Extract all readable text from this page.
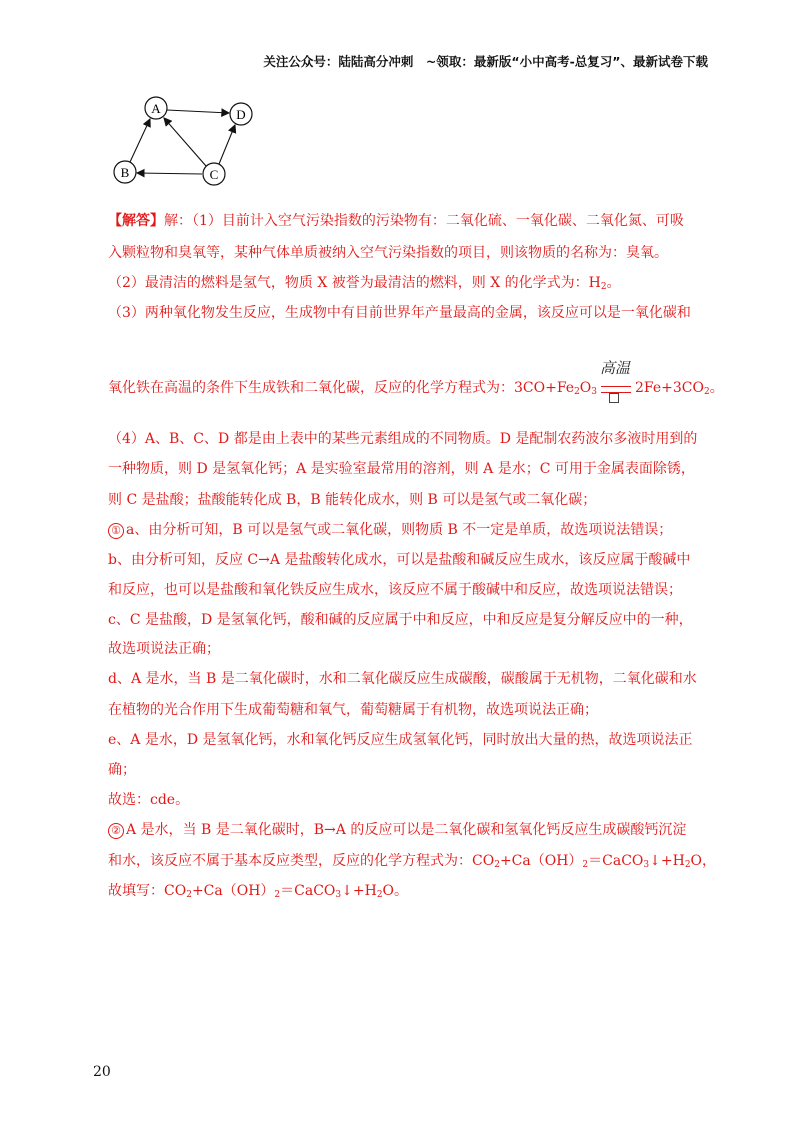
关注公众号：陆陆高分冲刺　~领取：最新版“小中高考-总复习”、最新试卷下载
A	D
B	C
【解答】解：（1）目前计入空气污染指数的污染物有：二氧化硫、一氧化碳、二氧化氮、可吸
入颗粒物和臭氧等，某种气体单质被纳入空气污染指数的项目，则该物质的名称为：臭氧。
（2）最清洁的燃料是氢气，物质 X 被誉为最清洁的燃料，则 X 的化学式为：$H_2$。
（3）两种氧化物发生反应，生成物中有目前世界年产量最高的金属，该反应可以是一氧化碳和
氧化铁在高温的条件下生成铁和二氧化碳，反应的化学方程式为：$3CO+Fe_2O_3$
高温
$2Fe+3CO_2$。
（4）A、B、C、D 都是由上表中的某些元素组成的不同物质。D 是配制农药波尔多液时用到的
一种物质，则 D 是氢氧化钙；A 是实验室最常用的溶剂，则 A 是水；C 可用于金属表面除锈，
则 C 是盐酸；盐酸能转化成 B，B 能转化成水，则 B 可以是氢气或二氧化碳；
① a、由分析可知，B 可以是氢气或二氧化碳，则物质 B 不一定是单质，故选项说法错误；
b、由分析可知，反应 C→A 是盐酸转化成水，可以是盐酸和碱反应生成水，该反应属于酸碱中
和反应，也可以是盐酸和氧化铁反应生成水，该反应不属于酸碱中和反应，故选项说法错误；
c、C 是盐酸，D 是氢氧化钙，酸和碱的反应属于中和反应，中和反应是复分解反应中的一种，
故选项说法正确；
d、A 是水，当 B 是二氧化碳时，水和二氧化碳反应生成碳酸，碳酸属于无机物，二氧化碳和水
在植物的光合作用下生成葡萄糖和氧气，葡萄糖属于有机物，故选项说法正确；
e、A 是水，D 是氢氧化钙，水和氧化钙反应生成氢氧化钙，同时放出大量的热，故选项说法正
确；
故选：cde。
② A 是水，当 B 是二氧化碳时，B→A 的反应可以是二氧化碳和氢氧化钙反应生成碳酸钙沉淀
和水，该反应不属于基本反应类型，反应的化学方程式为：$CO_2+Ca(OH)_2=CaCO_3↓+H_2O$，
故填写：$CO_2+Ca(OH)_2=CaCO_3↓+H_2O$。
20
